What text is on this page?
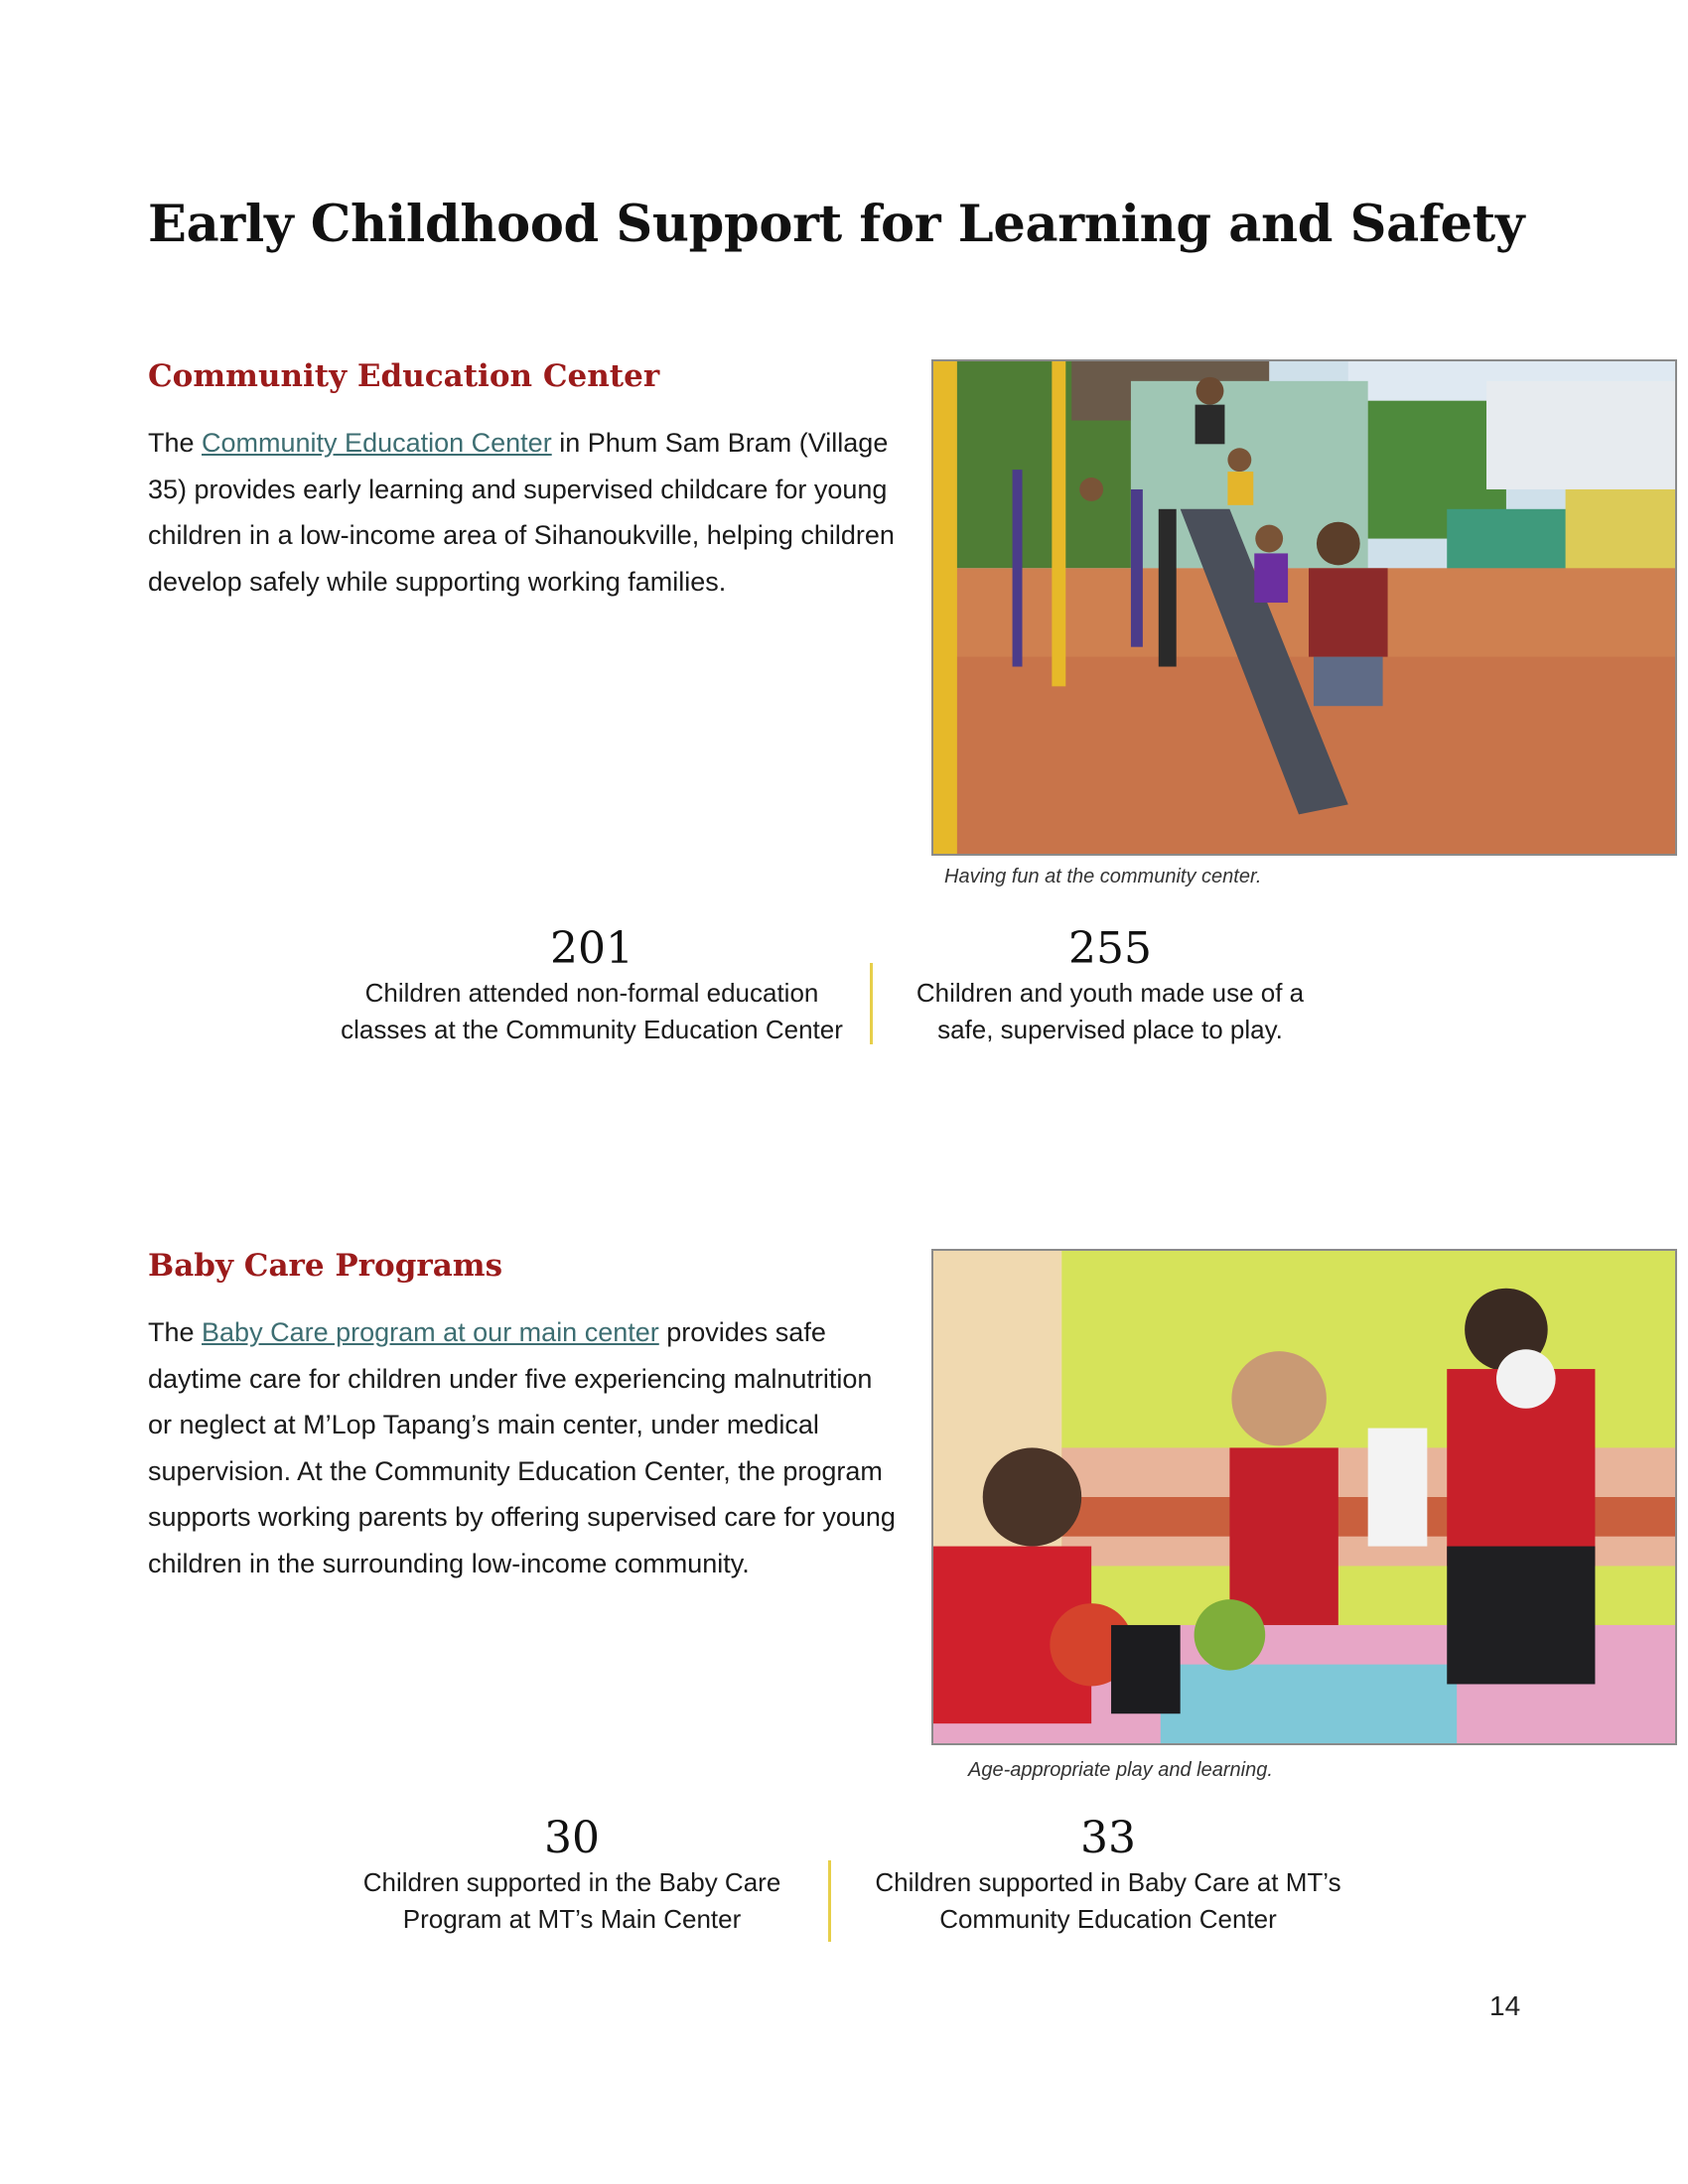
Early Childhood Support for Learning and Safety
Community Education Center

The Community Education Center in Phum Sam Bram (Village 35) provides early learning and supervised childcare for young children in a low-income area of Sihanoukville, helping children develop safely while supporting working families.

Having fun at the community center.

201
Children attended non-formal education classes at the Community Education Center
255
Children and youth made use of a safe, supervised place to play.
Baby Care Programs

The Baby Care program at our main center provides safe daytime care for children under five experiencing malnutrition or neglect at M’Lop Tapang’s main center, under medical supervision. At the Community Education Center, the program supports working parents by offering supervised care for young children in the surrounding low-income community.

Age-appropriate play and learning.

30
Children supported in the Baby Care Program at MT’s Main Center
33
Children supported in Baby Care at MT’s Community Education Center
14
